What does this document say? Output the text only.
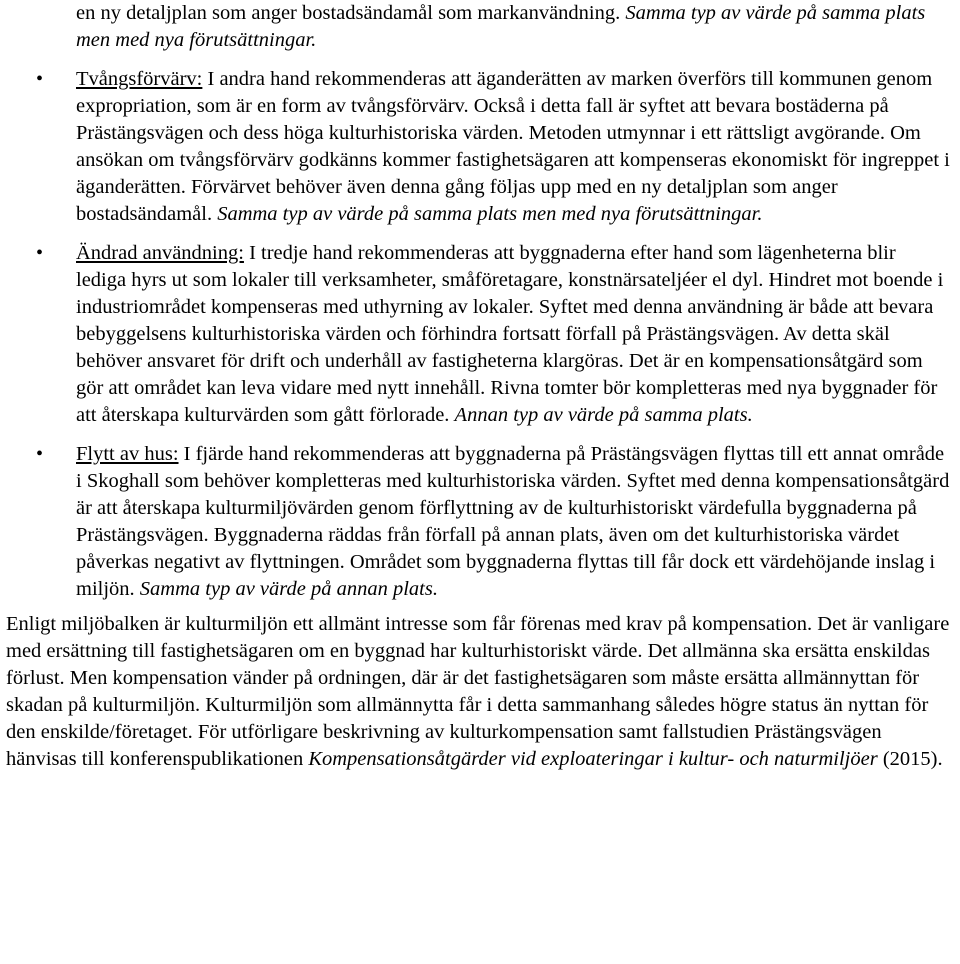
en ny detaljplan som anger bostadsändamål som markanvändning. Samma typ av värde på samma plats men med nya förutsättningar.

•	Tvångsförvärv: I andra hand rekommenderas att äganderätten av marken överförs till kommunen genom expropriation, som är en form av tvångsförvärv. Också i detta fall är syftet att bevara bostäderna på Prästängsvägen och dess höga kulturhistoriska värden. Metoden utmynnar i ett rättsligt avgörande. Om ansökan om tvångsförvärv godkänns kommer fastighetsägaren att kompenseras ekonomiskt för ingreppet i äganderätten. Förvärvet behöver även denna gång följas upp med en ny detaljplan som anger bostadsändamål. Samma typ av värde på samma plats men med nya förutsättningar.

•	Ändrad användning: I tredje hand rekommenderas att byggnaderna efter hand som lägenheterna blir lediga hyrs ut som lokaler till verksamheter, småföretagare, konstnärsateljéer el dyl. Hindret mot boende i industriområdet kompenseras med uthyrning av lokaler. Syftet med denna användning är både att bevara bebyggelsens kulturhistoriska värden och förhindra fortsatt förfall på Prästängsvägen. Av detta skäl behöver ansvaret för drift och underhåll av fastigheterna klargöras. Det är en kompensationsåtgärd som gör att området kan leva vidare med nytt innehåll. Rivna tomter bör kompletteras med nya byggnader för att återskapa kulturvärden som gått förlorade. Annan typ av värde på samma plats.

•	Flytt av hus: I fjärde hand rekommenderas att byggnaderna på Prästängsvägen flyttas till ett annat område i Skoghall som behöver kompletteras med kulturhistoriska värden. Syftet med denna kompensationsåtgärd är att återskapa kulturmiljövärden genom förflyttning av de kulturhistoriskt värdefulla byggnaderna på Prästängsvägen. Byggnaderna räddas från förfall på annan plats, även om det kulturhistoriska värdet påverkas negativt av flyttningen. Området som byggnaderna flyttas till får dock ett värdehöjande inslag i miljön. Samma typ av värde på annan plats.

Enligt miljöbalken är kulturmiljön ett allmänt intresse som får förenas med krav på kompensation. Det är vanligare med ersättning till fastighetsägaren om en byggnad har kulturhistoriskt värde. Det allmänna ska ersätta enskildas förlust. Men kompensation vänder på ordningen, där är det fastighetsägaren som måste ersätta allmännyttan för skadan på kulturmiljön. Kulturmiljön som allmännytta får i detta sammanhang således högre status än nyttan för den enskilde/företaget. För utförligare beskrivning av kulturkompensation samt fallstudien Prästängsvägen hänvisas till konferenspublikationen Kompensationsåtgärder vid exploateringar i kultur- och naturmiljöer (2015).
